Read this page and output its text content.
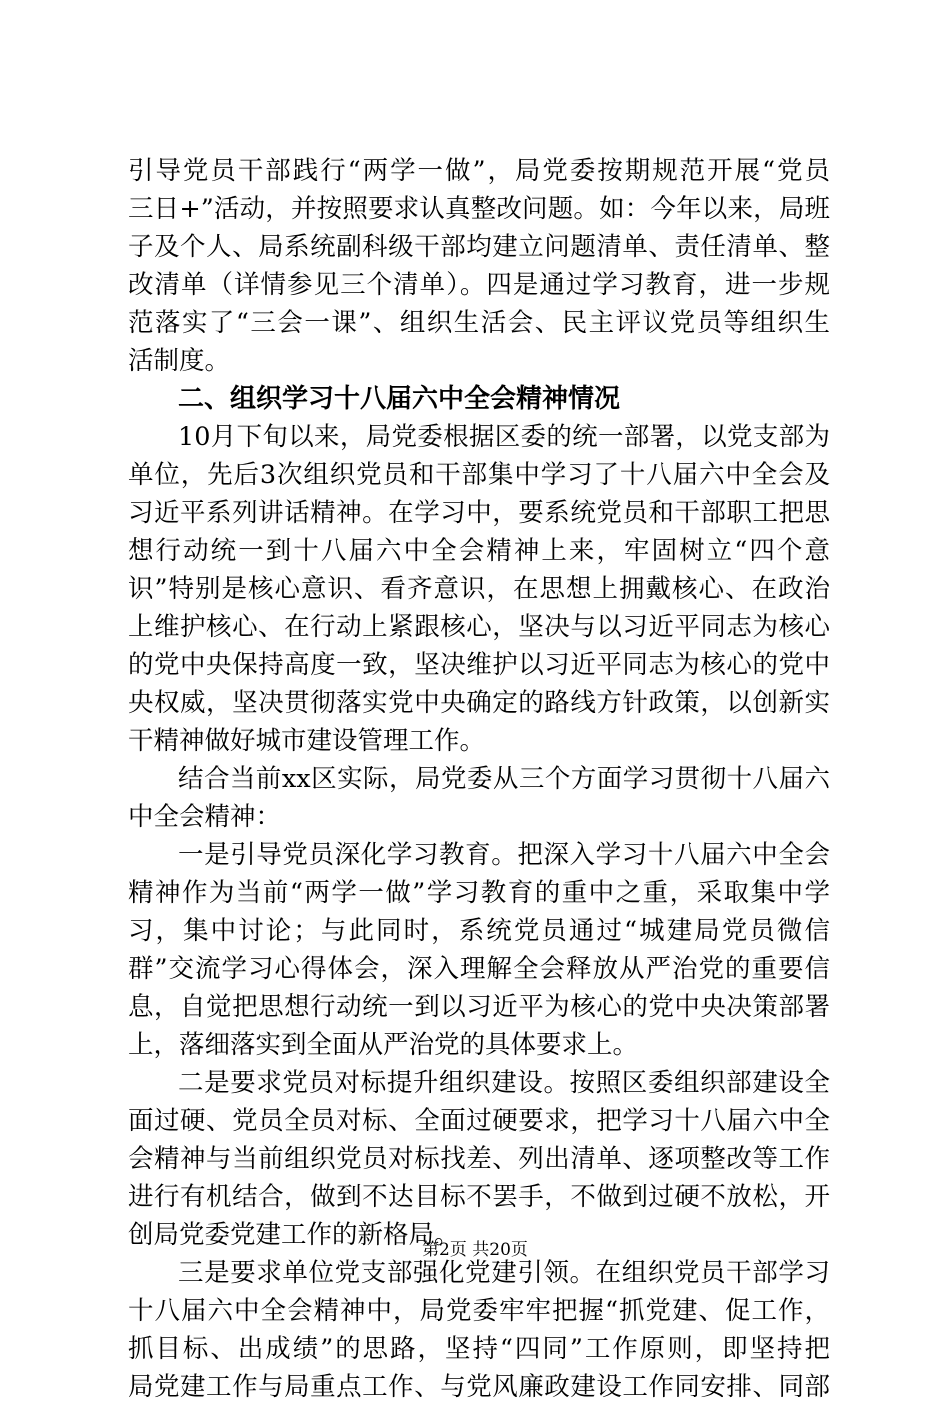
引导党员干部践行“两学一做”，局党委按期规范开展“党员
三日+”活动，并按照要求认真整改问题。如：今年以来，局班
子及个人、局系统副科级干部均建立问题清单、责任清单、整
改清单（详情参见三个清单）。四是通过学习教育，进一步规
范落实了“三会一课”、组织生活会、民主评议党员等组织生
活制度。
二、组织学习十八届六中全会精神情况
10月下旬以来，局党委根据区委的统一部署，以党支部为
单位，先后3次组织党员和干部集中学习了十八届六中全会及
习近平系列讲话精神。在学习中，要系统党员和干部职工把思
想行动统一到十八届六中全会精神上来，牢固树立“四个意
识”特别是核心意识、看齐意识，在思想上拥戴核心、在政治
上维护核心、在行动上紧跟核心，坚决与以习近平同志为核心
的党中央保持高度一致，坚决维护以习近平同志为核心的党中
央权威，坚决贯彻落实党中央确定的路线方针政策，以创新实
干精神做好城市建设管理工作。
结合当前xx区实际，局党委从三个方面学习贯彻十八届六
中全会精神：
一是引导党员深化学习教育。把深入学习十八届六中全会
精神作为当前“两学一做”学习教育的重中之重，采取集中学
习，集中讨论；与此同时，系统党员通过“城建局党员微信
群”交流学习心得体会，深入理解全会释放从严治党的重要信
息，自觉把思想行动统一到以习近平为核心的党中央决策部署
上，落细落实到全面从严治党的具体要求上。
二是要求党员对标提升组织建设。按照区委组织部建设全
面过硬、党员全员对标、全面过硬要求，把学习十八届六中全
会精神与当前组织党员对标找差、列出清单、逐项整改等工作
进行有机结合，做到不达目标不罢手，不做到过硬不放松，开
创局党委党建工作的新格局。
三是要求单位党支部强化党建引领。在组织党员干部学习
十八届六中全会精神中，局党委牢牢把握“抓党建、促工作，
抓目标、出成绩”的思路，坚持“四同”工作原则，即坚持把
局党建工作与局重点工作、与党风廉政建设工作同安排、同部
第2页 共20页
